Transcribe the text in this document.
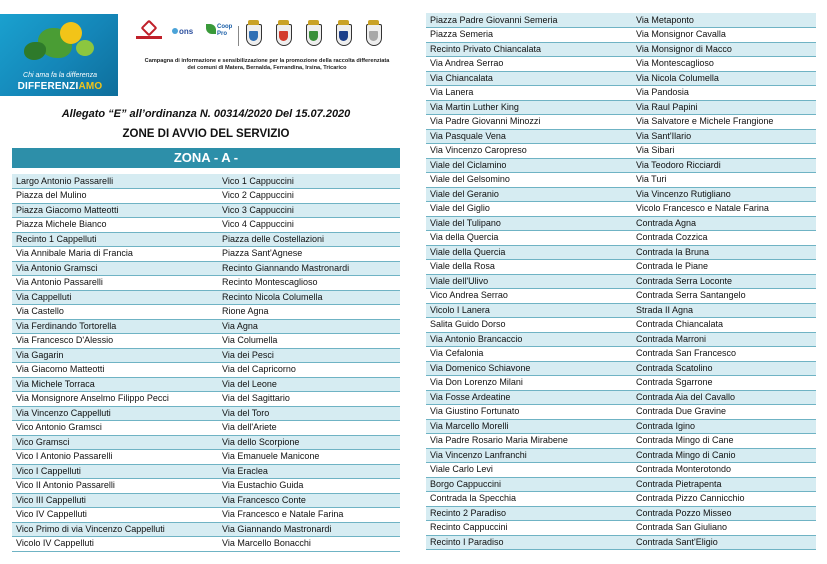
Chi ama fa la differenza
DIFFERENZIAMO
ons	Coop Pro
Campagna di informazione e sensibilizzazione per la promozione della raccolta differenziata
dei comuni di Matera, Bernalda, Ferrandina, Irsina, Tricarico
Allegato “E” all’ordinanza N. 00314/2020 Del 15.07.2020
ZONE DI AVVIO DEL SERVIZIO
ZONA - A -
Largo Antonio Passarelli	Vico 1 Cappuccini
Piazza del Mulino	Vico 2 Cappuccini
Piazza Giacomo Matteotti	Vico 3 Cappuccini
Piazza Michele Bianco	Vico 4 Cappuccini
Recinto 1 Cappelluti	Piazza delle Costellazioni
Via Annibale Maria di Francia	Piazza Sant'Agnese
Via Antonio Gramsci	Recinto Giannando Mastronardi
Via Antonio Passarelli	Recinto Montescaglioso
Via Cappelluti	Recinto Nicola Columella
Via Castello	Rione Agna
Via Ferdinando Tortorella	Via Agna
Via Francesco D'Alessio	Via Columella
Via Gagarin	Via dei Pesci
Via Giacomo Matteotti	Via del Capricorno
Via Michele Torraca	Via del Leone
Via Monsignore Anselmo Filippo Pecci	Via del Sagittario
Via Vincenzo Cappelluti	Via del Toro
Vico Antonio Gramsci	Via dell'Ariete
Vico Gramsci	Via dello Scorpione
Vico I Antonio Passarelli	Via Emanuele Manicone
Vico I Cappelluti	Via Eraclea
Vico II Antonio Passarelli	Via Eustachio Guida
Vico III Cappelluti	Via Francesco Conte
Vico IV Cappelluti	Via Francesco e Natale Farina
Vico Primo di via Vincenzo Cappelluti	Via Giannando Mastronardi
Vicolo IV Cappelluti	Via Marcello Bonacchi
Piazza Padre Giovanni Semeria	Via Metaponto
Piazza Semeria	Via Monsignor Cavalla
Recinto Privato Chiancalata	Via Monsignor di Macco
Via Andrea Serrao	Via Montescaglioso
Via Chiancalata	Via Nicola Columella
Via Lanera	Via Pandosia
Via Martin Luther King	Via Raul Papini
Via Padre Giovanni Minozzi	Via Salvatore e Michele Frangione
Via Pasquale Vena	Via Sant'Ilario
Via Vincenzo Caropreso	Via Sibari
Viale del Ciclamino	Via Teodoro Ricciardi
Viale del Gelsomino	Via Turi
Viale del Geranio	Via Vincenzo Rutigliano
Viale del Giglio	Vicolo Francesco e Natale Farina
Viale del Tulipano	Contrada Agna
Via della Quercia	Contrada Cozzica
Viale della Quercia	Contrada la Bruna
Viale della Rosa	Contrada le Piane
Viale dell'Ulivo	Contrada Serra Loconte
Vico Andrea Serrao	Contrada Serra Santangelo
Vicolo I Lanera	Strada II Agna
Salita Guido Dorso	Contrada Chiancalata
Via Antonio Brancaccio	Contrada Marroni
Via Cefalonia	Contrada San Francesco
Via Domenico Schiavone	Contrada Scatolino
Via Don Lorenzo Milani	Contrada Sgarrone
Via Fosse Ardeatine	Contrada Aia del Cavallo
Via Giustino Fortunato	Contrada Due Gravine
Via Marcello Morelli	Contrada Igino
Via Padre Rosario Maria Mirabene	Contrada Mingo di Cane
Via Vincenzo Lanfranchi	Contrada Mingo di Canio
Viale Carlo Levi	Contrada Monterotondo
Borgo Cappuccini	Contrada Pietrapenta
Contrada la Specchia	Contrada Pizzo Cannicchio
Recinto 2 Paradiso	Contrada Pozzo Misseo
Recinto Cappuccini	Contrada San Giuliano
Recinto I Paradiso	Contrada Sant'Eligio
